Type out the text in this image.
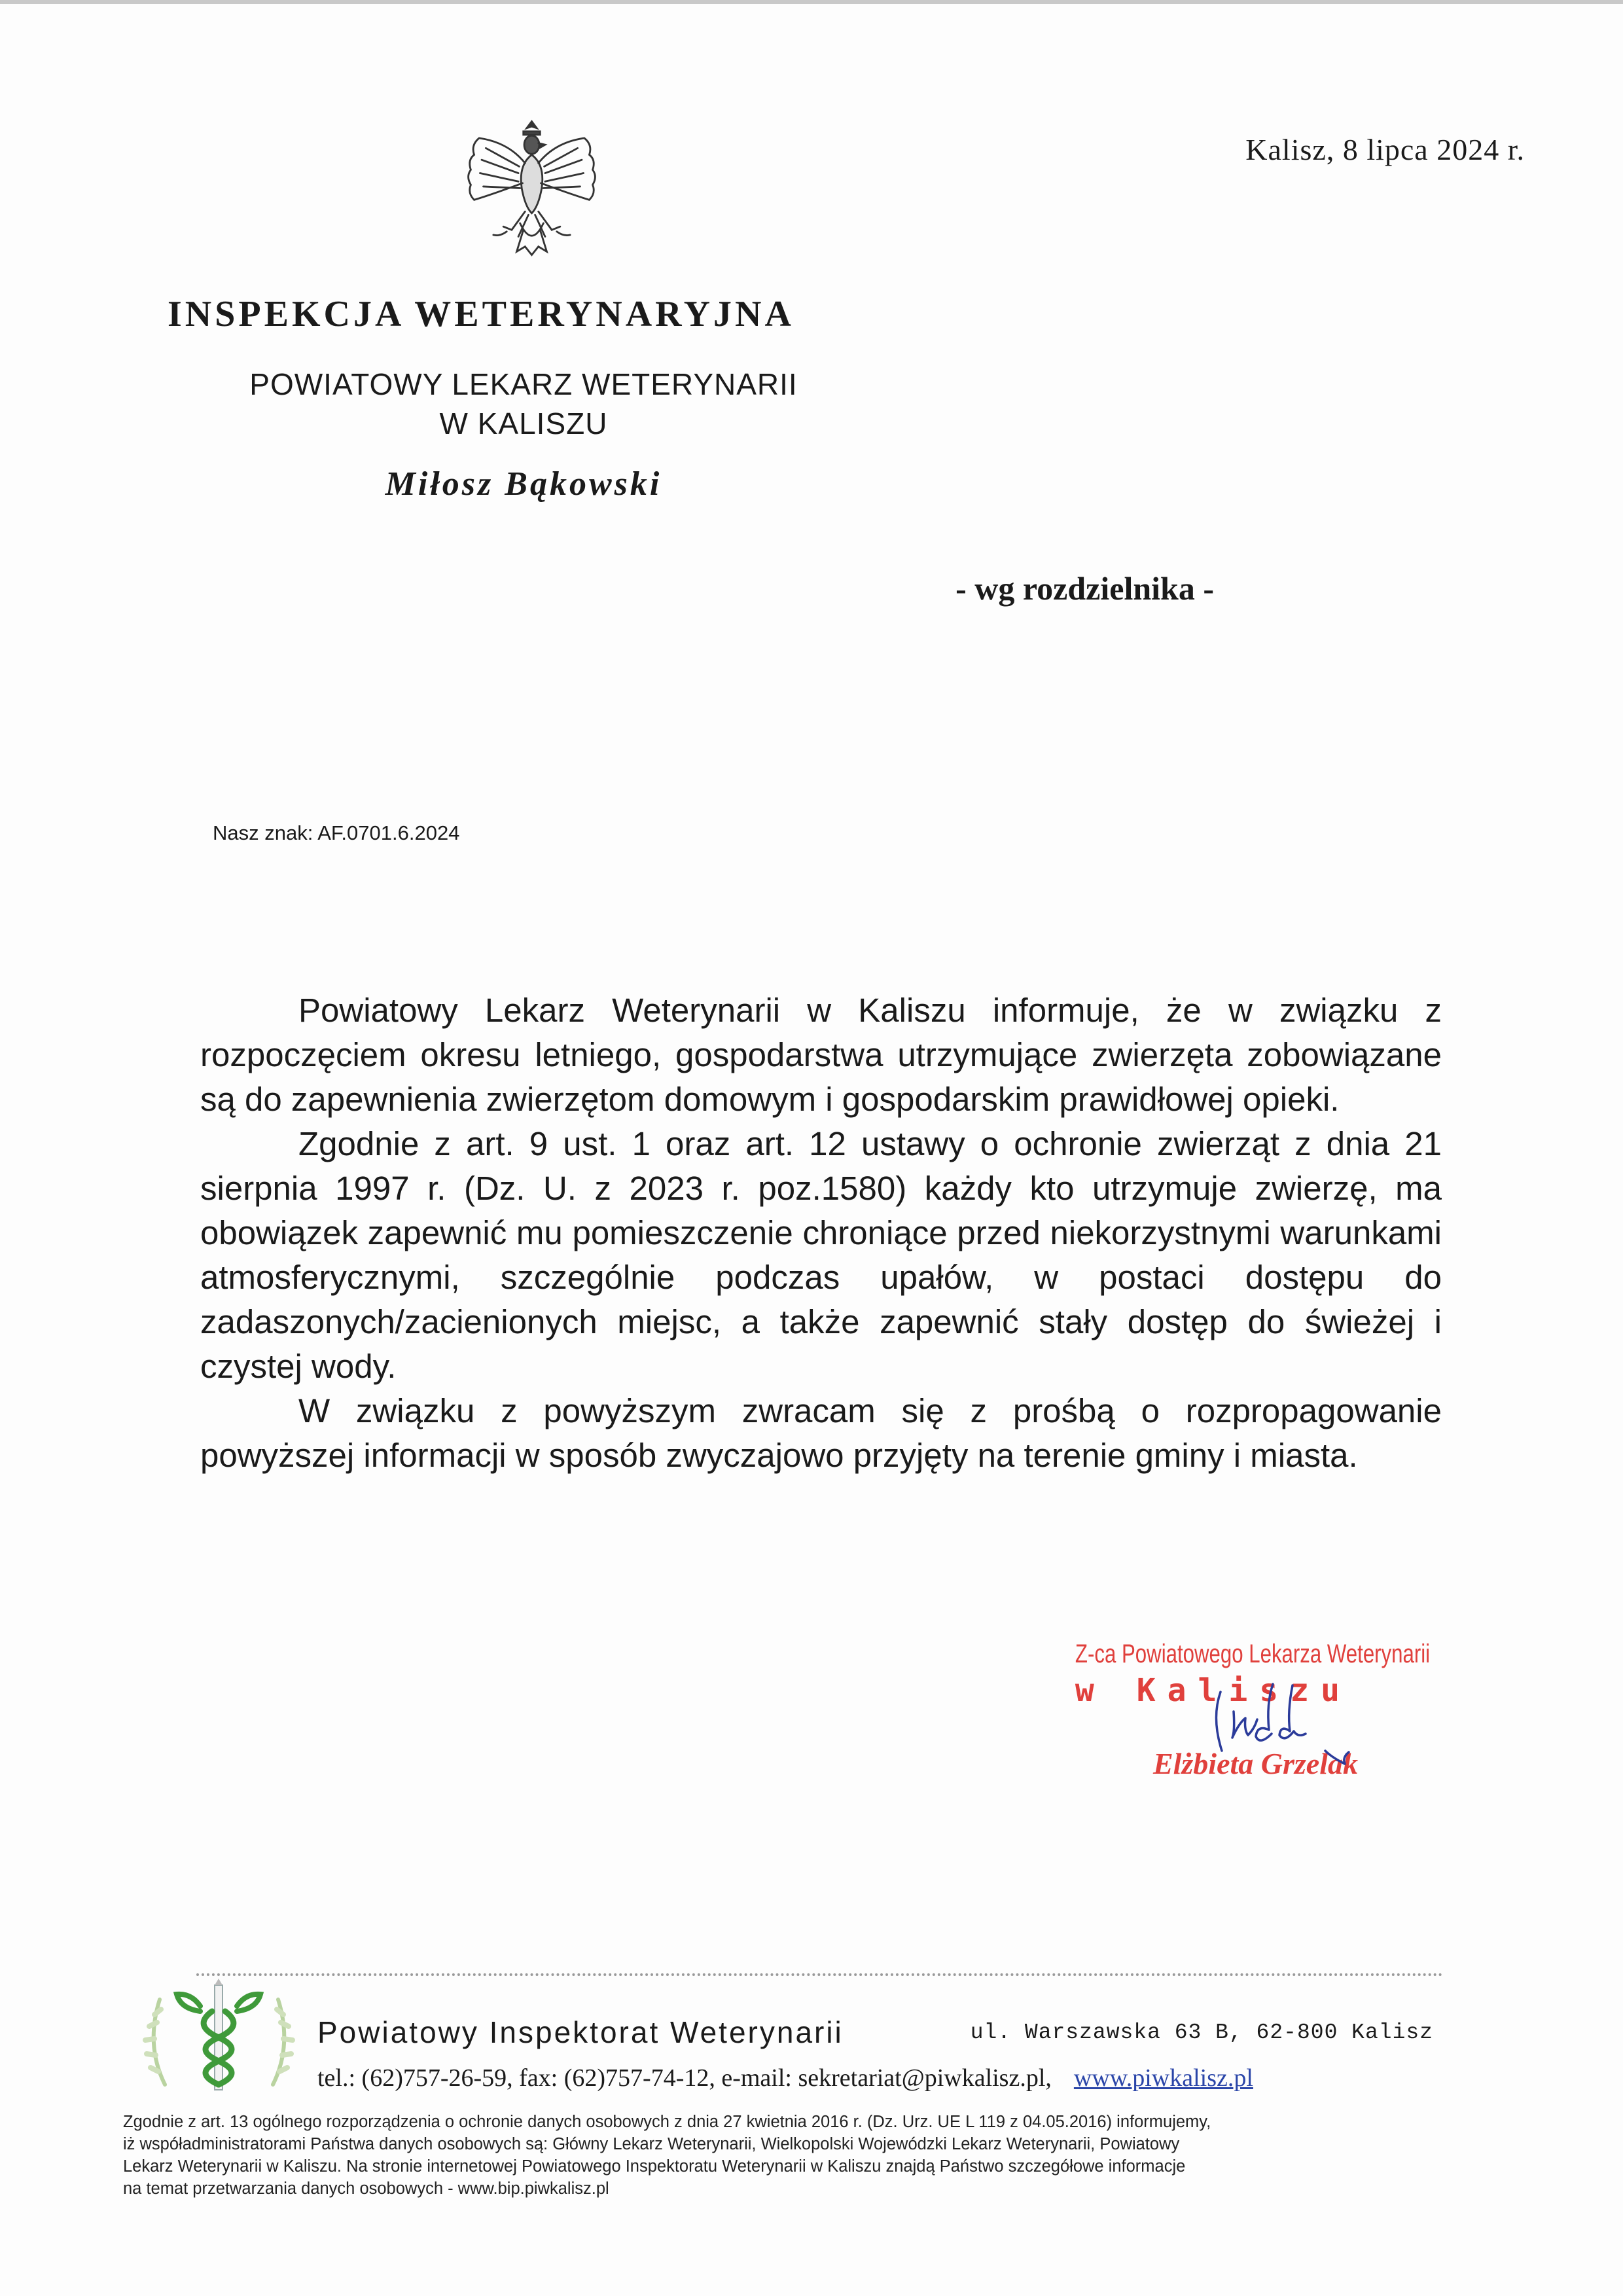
Kalisz, 8 lipca 2024 r.
INSPEKCJA WETERYNARYJNA
POWIATOWY LEKARZ WETERYNARII
W KALISZU
Miłosz Bąkowski
- wg rozdzielnika -
Nasz znak: AF.0701.6.2024

Powiatowy Lekarz Weterynarii w Kaliszu informuje, że w związku z rozpoczęciem okresu letniego, gospodarstwa utrzymujące zwierzęta zobowiązane są do zapewnienia zwierzętom domowym i gospodarskim prawidłowej opieki.

Zgodnie z art. 9 ust. 1 oraz art. 12 ustawy o ochronie zwierząt z dnia 21 sierpnia 1997 r. (Dz. U. z 2023 r. poz.1580) każdy kto utrzymuje zwierzę, ma obowiązek zapewnić mu pomieszczenie chroniące przed niekorzystnymi warunkami atmosferycznymi, szczególnie podczas upałów, w postaci dostępu do zadaszonych/zacienionych miejsc, a także zapewnić stały dostęp do świeżej i czystej wody.

W związku z powyższym zwracam się z prośbą o rozpropagowanie powyższej informacji w sposób zwyczajowo przyjęty na terenie gminy i miasta.

Z-ca Powiatowego Lekarza Weterynarii
w Kaliszu
Elżbieta Grzelak
Powiatowy Inspektorat Weterynarii	ul. Warszawska 63 B, 62-800 Kalisz
tel.: (62)757-26-59, fax: (62)757-74-12, e-mail: sekretariat@piwkalisz.pl, www.piwkalisz.pl

Zgodnie z art. 13 ogólnego rozporządzenia o ochronie danych osobowych z dnia 27 kwietnia 2016 r. (Dz. Urz. UE L 119 z 04.05.2016) informujemy,

iż współadministratorami Państwa danych osobowych są: Główny Lekarz Weterynarii, Wielkopolski Wojewódzki Lekarz Weterynarii, Powiatowy

Lekarz Weterynarii w Kaliszu. Na stronie internetowej Powiatowego Inspektoratu Weterynarii w Kaliszu znajdą Państwo szczegółowe informacje

na temat przetwarzania danych osobowych - www.bip.piwkalisz.pl
